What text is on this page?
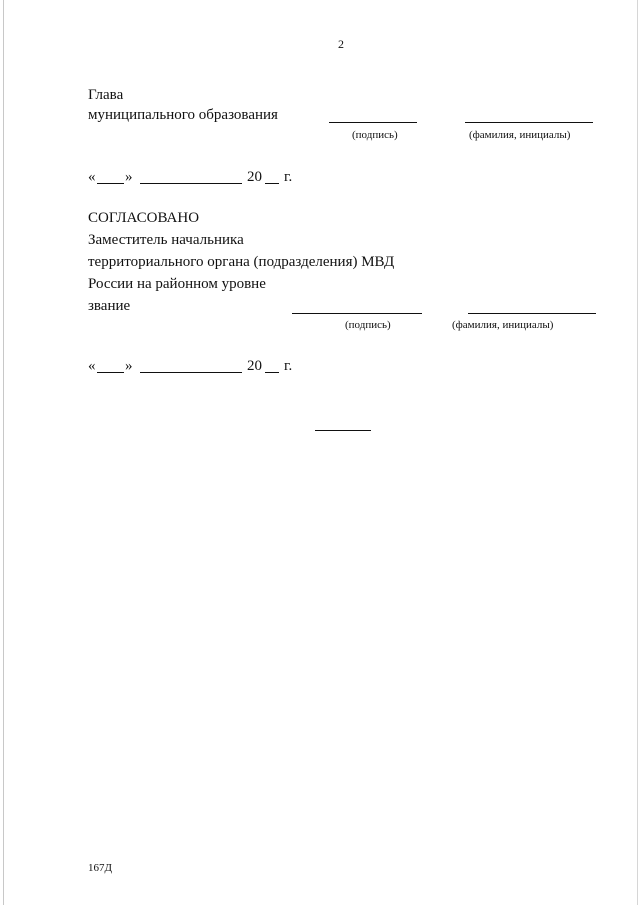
2
Глава
муниципального образования
(подпись)	(фамилия, инициалы)
« »	20 г.
СОГЛАСОВАНО
Заместитель начальника
территориального органа (подразделения) МВД
России на районном уровне
звание
(подпись)	(фамилия, инициалы)
« »	20 г.
167Д
